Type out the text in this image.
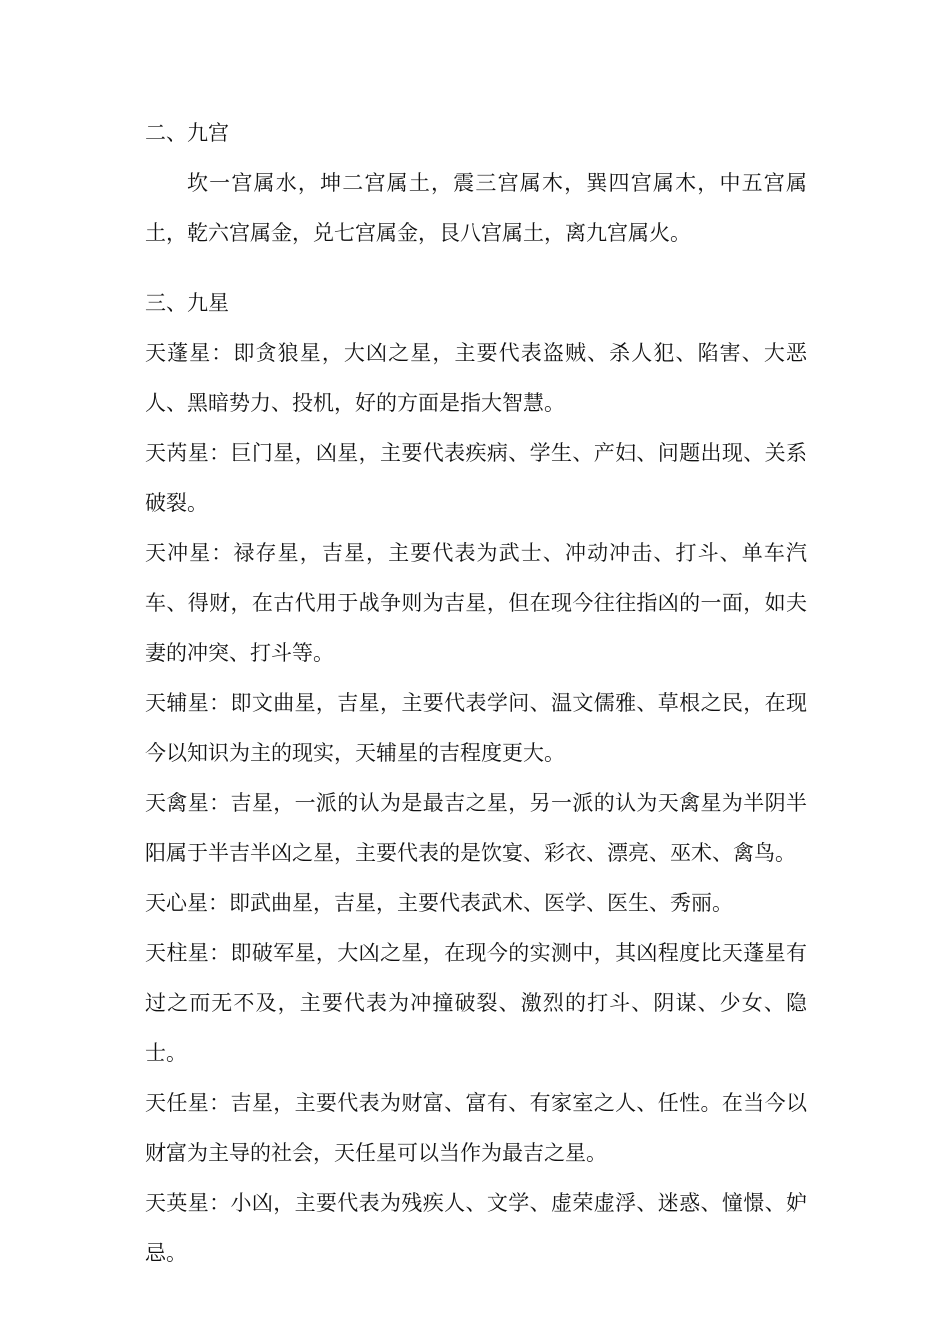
二、九宫

坎一宫属水，坤二宫属土，震三宫属木，巽四宫属木，中五宫属土，乾六宫属金，兑七宫属金，艮八宫属土，离九宫属火。

三、九星

天蓬星：即贪狼星，大凶之星，主要代表盗贼、杀人犯、陷害、大恶人、黑暗势力、投机，好的方面是指大智慧。

天芮星：巨门星，凶星，主要代表疾病、学生、产妇、问题出现、关系破裂。

天冲星：禄存星，吉星，主要代表为武士、冲动冲击、打斗、单车汽车、得财，在古代用于战争则为吉星，但在现今往往指凶的一面，如夫妻的冲突、打斗等。

天辅星：即文曲星，吉星，主要代表学问、温文儒雅、草根之民，在现今以知识为主的现实，天辅星的吉程度更大。

天禽星：吉星，一派的认为是最吉之星，另一派的认为天禽星为半阴半阳属于半吉半凶之星，主要代表的是饮宴、彩衣、漂亮、巫术、禽鸟。

天心星：即武曲星，吉星，主要代表武术、医学、医生、秀丽。

天柱星：即破军星，大凶之星，在现今的实测中，其凶程度比天蓬星有过之而无不及，主要代表为冲撞破裂、激烈的打斗、阴谋、少女、隐士。

天任星：吉星，主要代表为财富、富有、有家室之人、任性。在当今以财富为主导的社会，天任星可以当作为最吉之星。

天英星：小凶，主要代表为残疾人、文学、虚荣虚浮、迷惑、憧憬、妒忌。
